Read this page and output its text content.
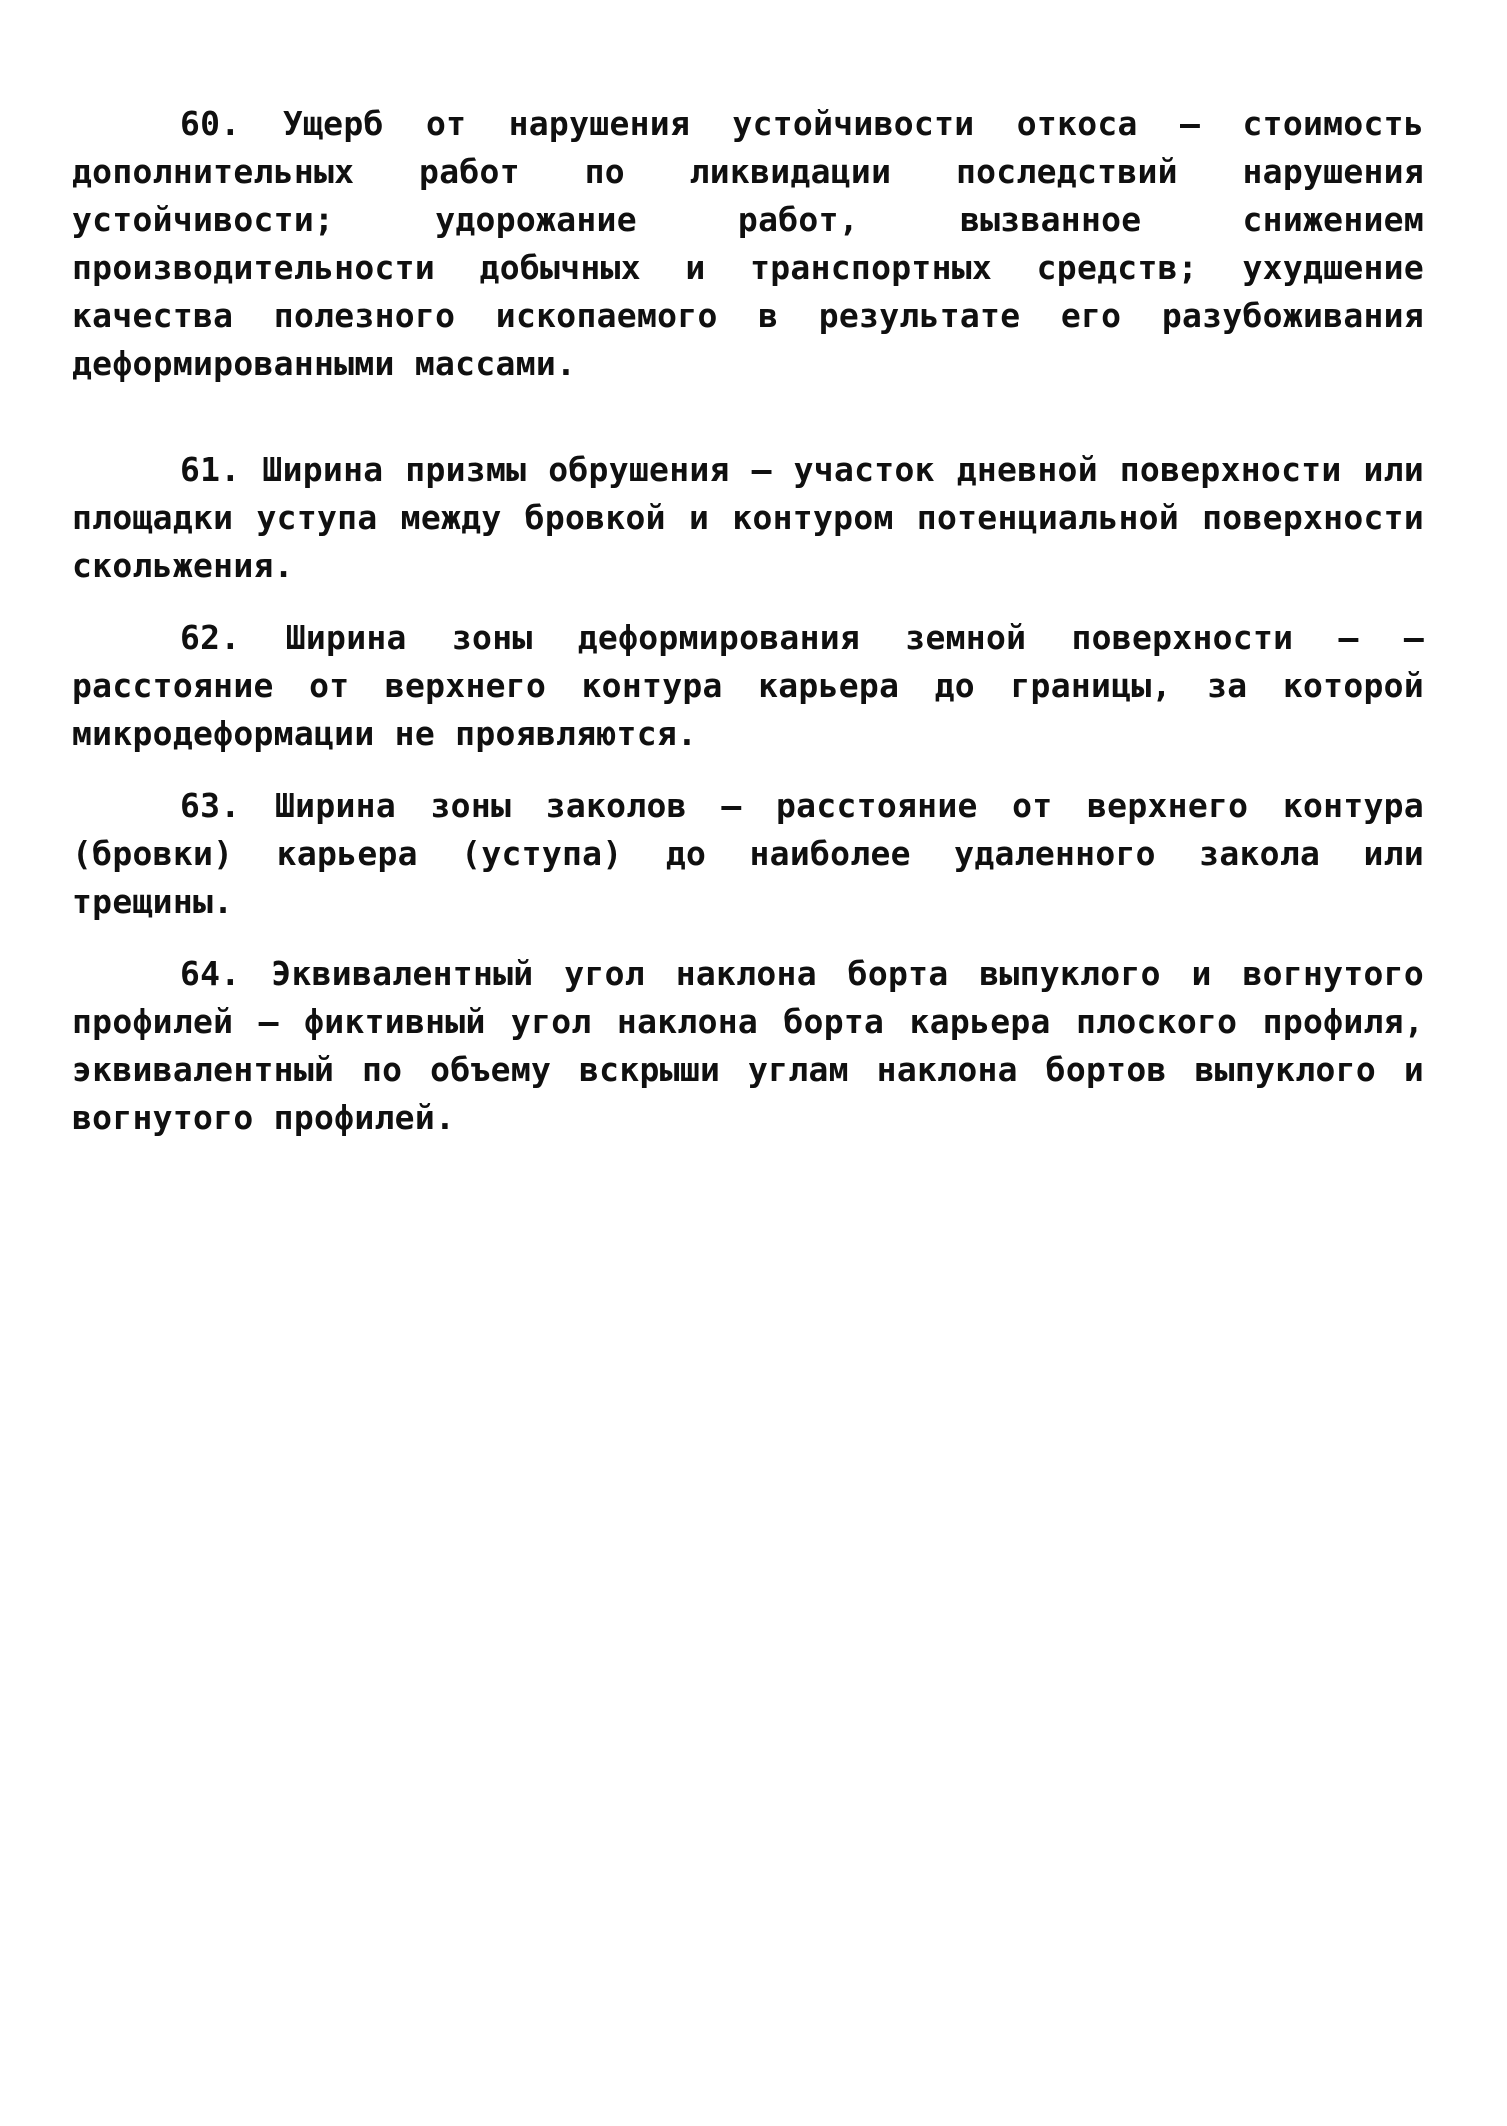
60. Ущерб от нарушения устойчивости откоса – стоимость дополнительных работ по ликвидации последствий нарушения устойчивости; удорожание работ, вызванное снижением производительности добычных и транспортных средств; ухудшение качества полезного ископаемого в результате его разубоживания деформированными массами.

61. Ширина призмы обрушения – участок дневной поверхности или площадки уступа между бровкой и контуром потенциальной поверхности скольжения.

62. Ширина зоны деформирования земной поверхности – – расстояние от верхнего контура карьера до границы, за которой микродеформации не проявляются.

63. Ширина зоны заколов – расстояние от верхнего контура (бровки) карьера (уступа) до наиболее удаленного закола или трещины.

64. Эквивалентный угол наклона борта выпуклого и вогнутого профилей – фиктивный угол наклона борта карьера плоского профиля, эквивалентный по объему вскрыши углам наклона бортов выпуклого и вогнутого профилей.
